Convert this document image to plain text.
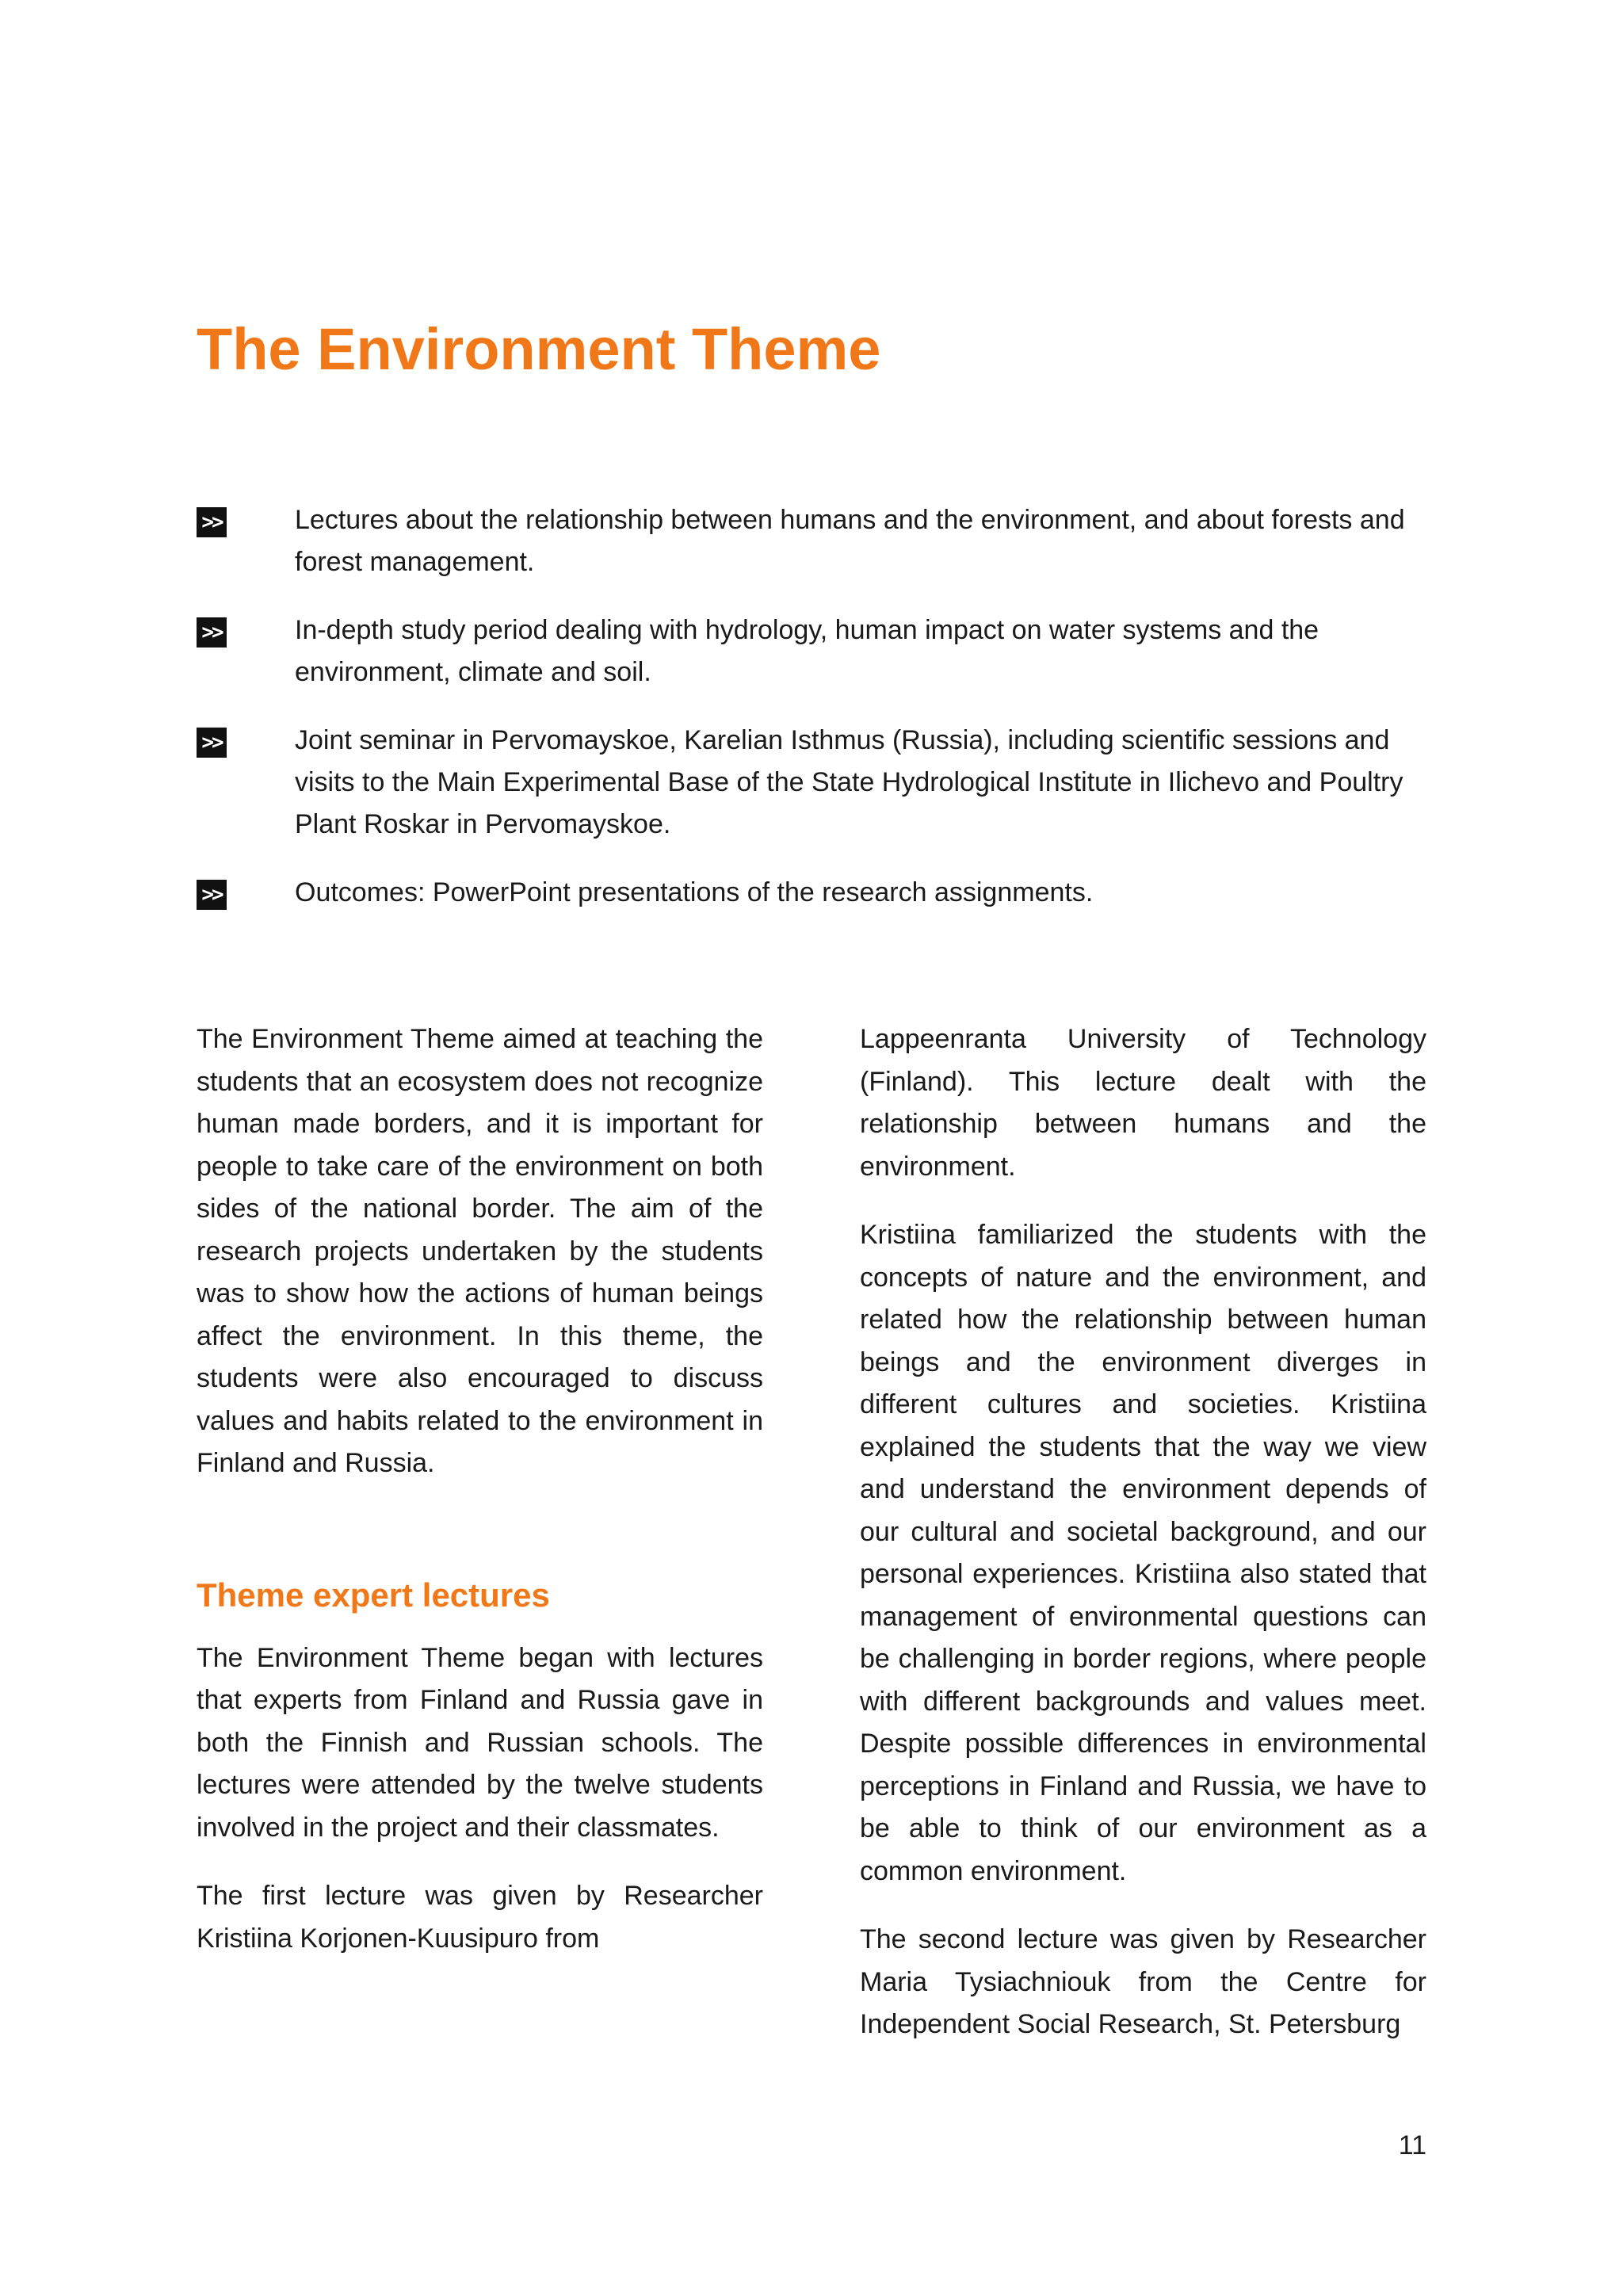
The Environment Theme
>>	Lectures about the relationship between humans and the environment, and about forests and forest management.
>>	In-depth study period dealing with hydrology, human impact on water systems and the environment, climate and soil.
>>	Joint seminar in Pervomayskoe, Karelian Isthmus (Russia), including scientific sessions and visits to the Main Experimental Base of the State Hydrological Institute in Ilichevo and Poultry Plant Roskar in Pervomayskoe.
>>	Outcomes: PowerPoint presentations of the research assignments.

The Environment Theme aimed at teaching the students that an ecosystem does not recognize human made borders, and it is important for people to take care of the environment on both sides of the national border. The aim of the research projects undertaken by the students was to show how the actions of human beings affect the environment. In this theme, the students were also encouraged to discuss values and habits related to the environment in Finland and Russia.

Theme expert lectures

The Environment Theme began with lectures that experts from Finland and Russia gave in both the Finnish and Russian schools. The lectures were attended by the twelve students involved in the project and their classmates.

The first lecture was given by Researcher Kristiina Korjonen-Kuusipuro from

Lappeenranta University of Technology (Finland). This lecture dealt with the relationship between humans and the environment.

Kristiina familiarized the students with the concepts of nature and the environment, and related how the relationship between human beings and the environment diverges in different cultures and societies. Kristiina explained the students that the way we view and understand the environment depends of our cultural and societal background, and our personal experiences. Kristiina also stated that management of environmental questions can be challenging in border regions, where people with different backgrounds and values meet. Despite possible differences in environmental perceptions in Finland and Russia, we have to be able to think of our environment as a common environment.

The second lecture was given by Researcher Maria Tysiachniouk from the Centre for Independent Social Research, St. Petersburg

11
